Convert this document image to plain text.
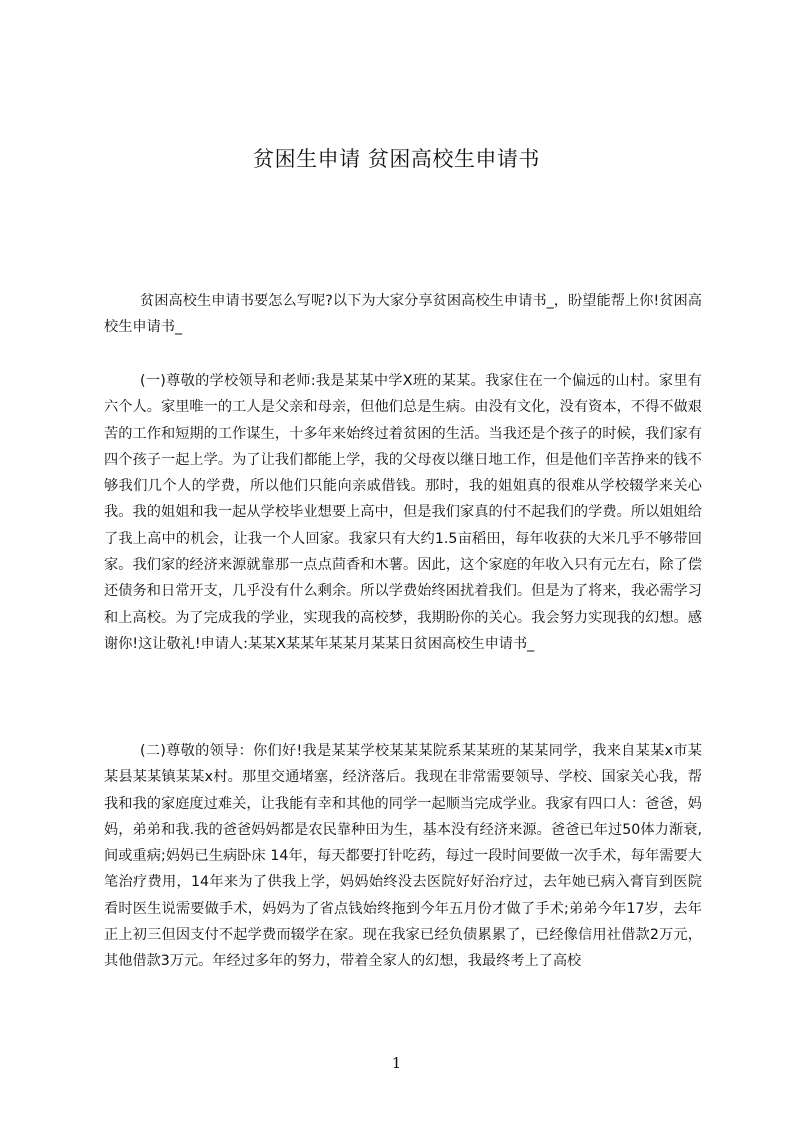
贫困生申请 贫困高校生申请书

贫困高校生申请书要怎么写呢?以下为大家分享贫困高校生申请书_，盼望能帮上你!贫困高校生申请书_

(一)尊敬的学校领导和老师:我是某某中学X班的某某。我家住在一个偏远的山村。家里有六个人。家里唯一的工人是父亲和母亲，但他们总是生病。由没有文化，没有资本，不得不做艰苦的工作和短期的工作谋生，十多年来始终过着贫困的生活。当我还是个孩子的时候，我们家有四个孩子一起上学。为了让我们都能上学，我的父母夜以继日地工作，但是他们辛苦挣来的钱不够我们几个人的学费，所以他们只能向亲戚借钱。那时，我的姐姐真的很难从学校辍学来关心我。我的姐姐和我一起从学校毕业想要上高中，但是我们家真的付不起我们的学费。所以姐姐给了我上高中的机会，让我一个人回家。我家只有大约1.5亩稻田，每年收获的大米几乎不够带回家。我们家的经济来源就靠那一点点茴香和木薯。因此，这个家庭的年收入只有元左右，除了偿还债务和日常开支，几乎没有什么剩余。所以学费始终困扰着我们。但是为了将来，我必需学习和上高校。为了完成我的学业，实现我的高校梦，我期盼你的关心。我会努力实现我的幻想。感谢你!这让敬礼!申请人:某某X某某年某某月某某日贫困高校生申请书_

(二)尊敬的领导：你们好!我是某某学校某某某院系某某班的某某同学，我来自某某x市某某县某某镇某某x村。那里交通堵塞，经济落后。我现在非常需要领导、学校、国家关心我，帮我和我的家庭度过难关，让我能有幸和其他的同学一起顺当完成学业。我家有四口人：爸爸，妈妈，弟弟和我.我的爸爸妈妈都是农民靠种田为生，基本没有经济来源。爸爸已年过50体力渐衰,间或重病;妈妈已生病卧床 14年，每天都要打针吃药，每过一段时间要做一次手术，每年需要大笔治疗费用，14年来为了供我上学，妈妈始终没去医院好好治疗过，去年她已病入膏肓到医院看时医生说需要做手术，妈妈为了省点钱始终拖到今年五月份才做了手术;弟弟今年17岁，去年正上初三但因支付不起学费而辍学在家。现在我家已经负债累累了，已经像信用社借款2万元，其他借款3万元。年经过多年的努力，带着全家人的幻想，我最终考上了高校

1
